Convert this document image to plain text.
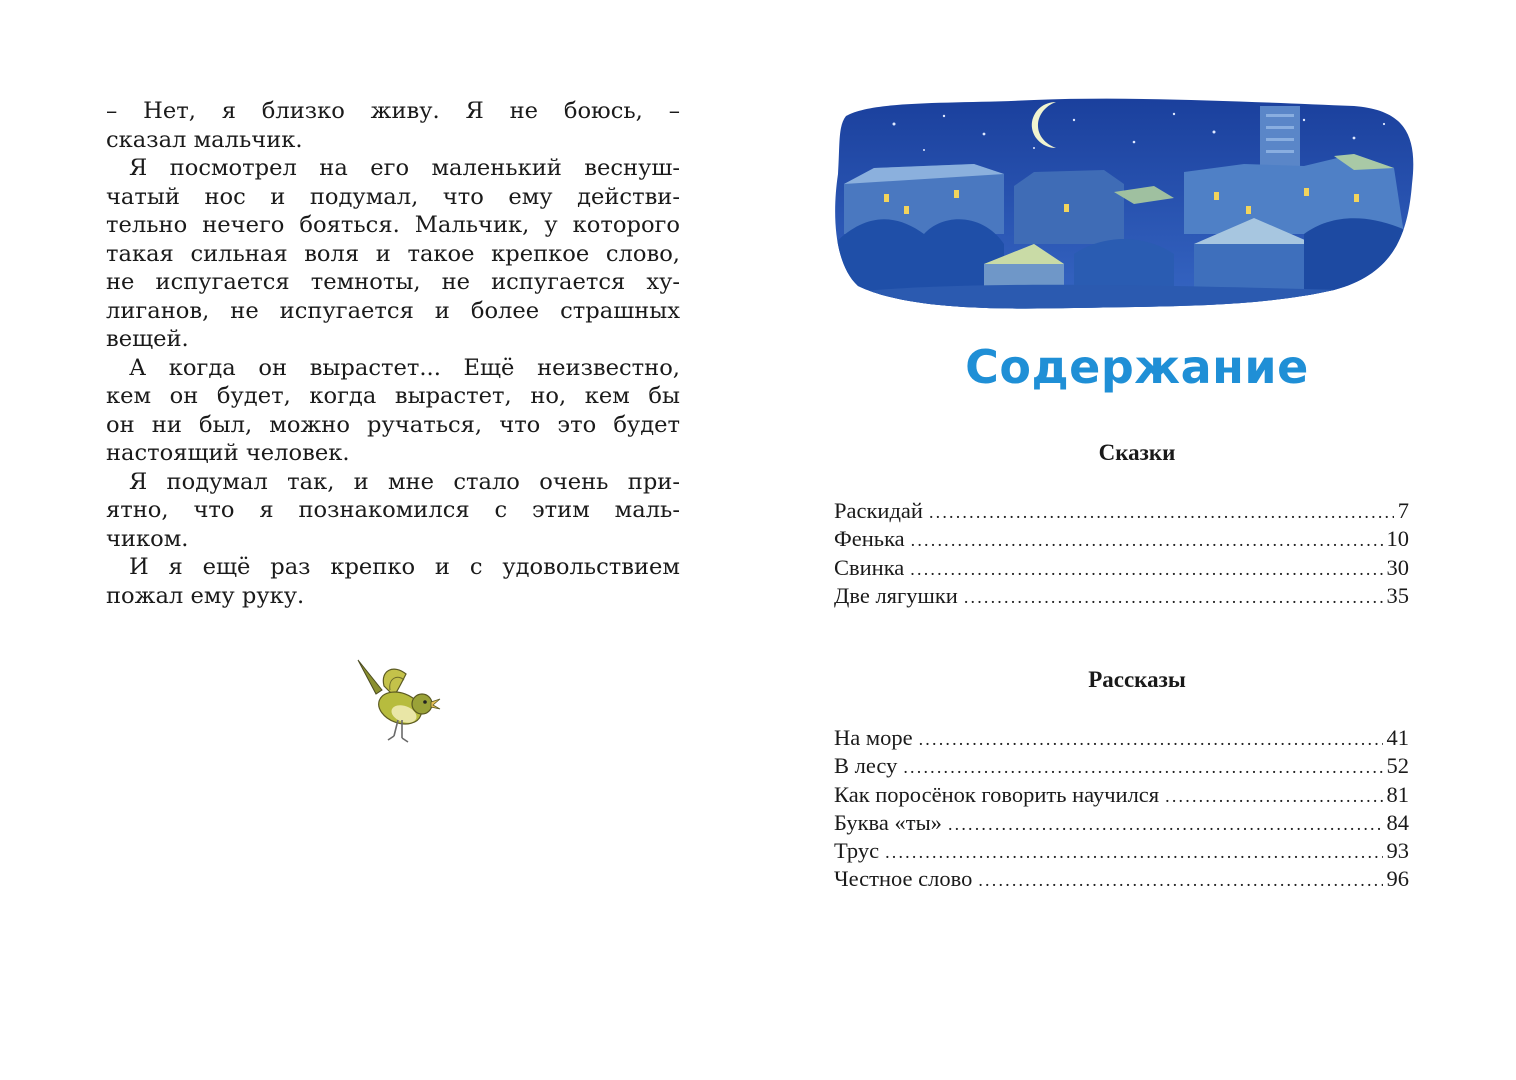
– Нет, я близко живу. Я не боюсь, –
сказал мальчик.
Я посмотрел на его маленький веснуш-
чатый нос и подумал, что ему действи-
тельно нечего бояться. Мальчик, у которого
такая сильная воля и такое крепкое слово,
не испугается темноты, не испугается ху-
лиганов, не испугается и более страшных
вещей.
А когда он вырастет... Ещё неизвестно,
кем он будет, когда вырастет, но, кем бы
он ни был, можно ручаться, что это будет
настоящий человек.
Я подумал так, и мне стало очень при-
ятно, что я познакомился с этим маль-
чиком.
И я ещё раз крепко и с удовольствием
пожал ему руку.
Содержание
Сказки
Раскидай .....	7
Фенька .....	10
Свинка .....	30
Две лягушки .....	35
Рассказы
На море .....	41
В лесу .....	52
Как поросёнок говорить научился .....	81
Буква «ты» .....	84
Трус .....	93
Честное слово .....	96
